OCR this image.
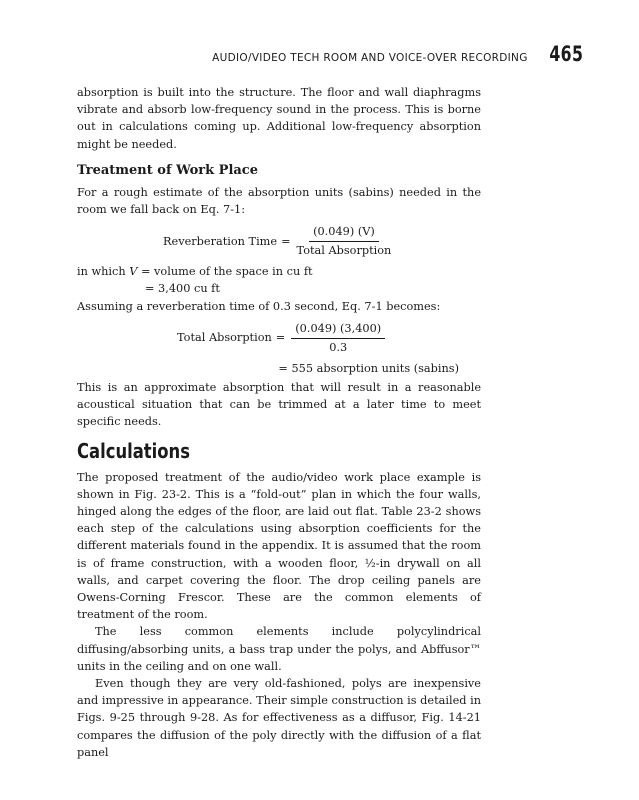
AUDIO/VIDEO TECH ROOM AND VOICE-OVER RECORDING 465

absorption is built into the structure. The floor and wall diaphragms vibrate and absorb low-frequency sound in the process. This is borne out in calculations coming up. Additional low-frequency absorption might be needed.

Treatment of Work Place

For a rough estimate of the absorption units (sabins) needed in the room we fall back on Eq. 7-1:

Reverberation Time = $\frac{(0.049) (V)}{\text{Total Absorption}}$
in which V = volume of the space in cu ft
= 3,400 cu ft

Assuming a reverberation time of 0.3 second, Eq. 7-1 becomes:

Total Absorption = $\frac{(0.049) (3,400)}{0.3}$
= 555 absorption units (sabins)

This is an approximate absorption that will result in a reasonable acoustical situation that can be trimmed at a later time to meet specific needs.

Calculations

The proposed treatment of the audio/video work place example is shown in Fig. 23-2. This is a “fold-out” plan in which the four walls, hinged along the edges of the floor, are laid out flat. Table 23-2 shows each step of the calculations using absorption coefficients for the different materials found in the appendix. It is assumed that the room is of frame construction, with a wooden floor, ½-in drywall on all walls, and carpet covering the floor. The drop ceiling panels are Owens-Corning Frescor. These are the common elements of treatment of the room.

The less common elements include polycylindrical diffusing/absorbing units, a bass trap under the polys, and Abffusor™ units in the ceiling and on one wall.

Even though they are very old-fashioned, polys are inexpensive and impressive in appearance. Their simple construction is detailed in Figs. 9-25 through 9-28. As for effectiveness as a diffusor, Fig. 14-21 compares the diffusion of the poly directly with the diffusion of a flat panel
